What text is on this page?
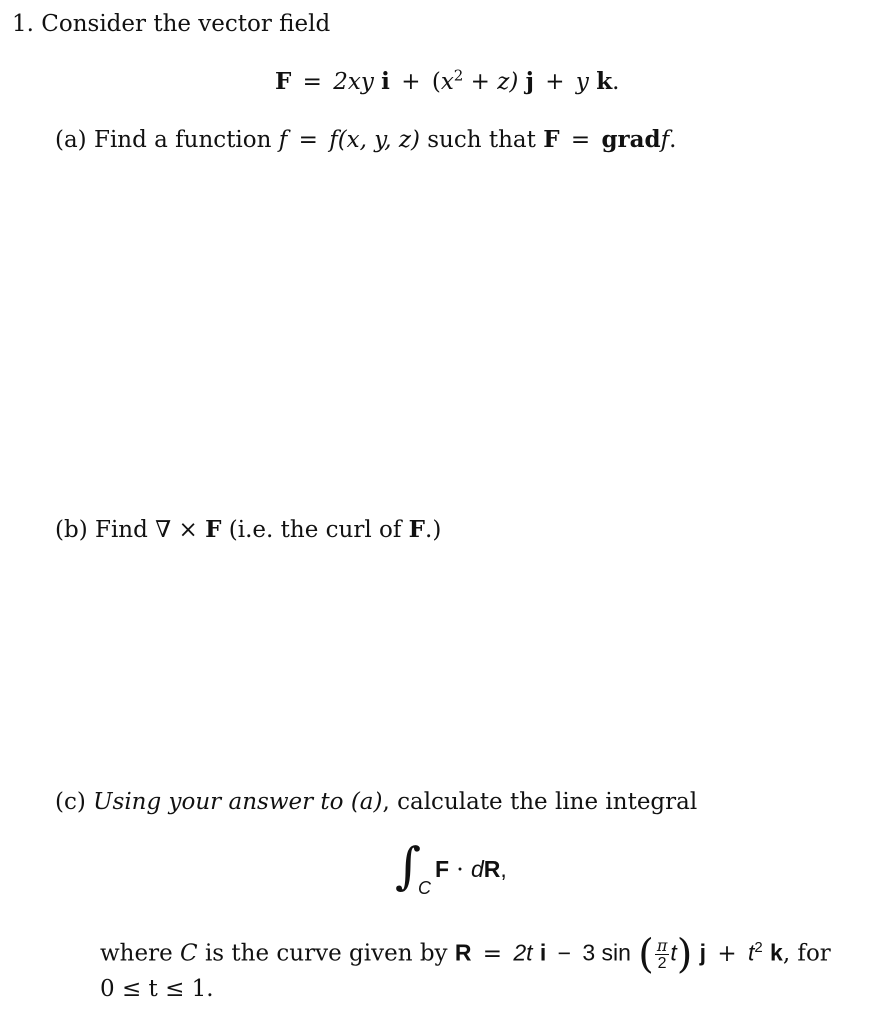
1. Consider the vector field
F = 2xy $i + (x^2 + z) j + y$ k.
(a) Find a function f = f(x, y, z) such that F = gradf.
(b) Find ∇ × F (i.e. the curl of F.)
(c) Using your answer to (a), calculate the line integral
∫
C
F · dR,
where C is the curve given by R = 2t i − 3 sin ( $\frac{\pi}{2} t$) $j + t^2$ k, for
0 ≤ t ≤ 1.
